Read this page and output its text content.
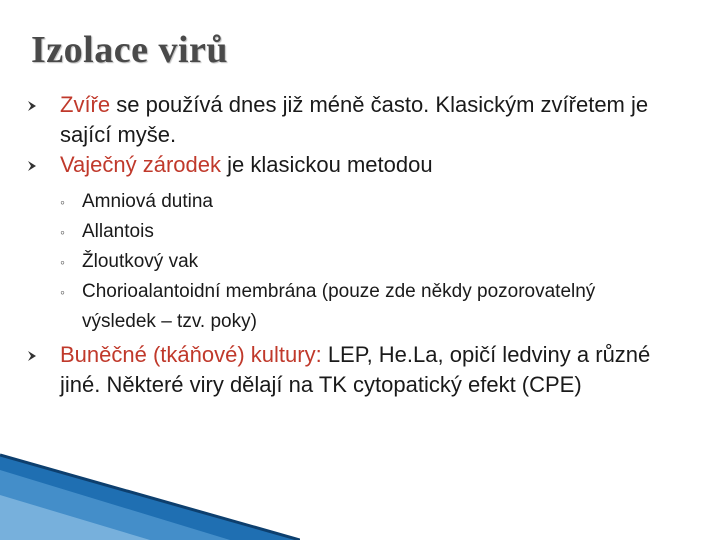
Izolace virů
Zvíře se používá dnes již méně často. Klasickým zvířetem je sající myše.
Vaječný zárodek je klasickou metodou
◦ Amniová dutina
◦ Allantois
◦ Žloutkový vak
◦ Chorioalantoidní membrána (pouze zde někdy pozorovatelný výsledek – tzv. poky)
Buněčné (tkáňové) kultury: LEP, He.La, opičí ledviny a různé jiné. Některé viry dělají na TK cytopatický efekt (CPE)
